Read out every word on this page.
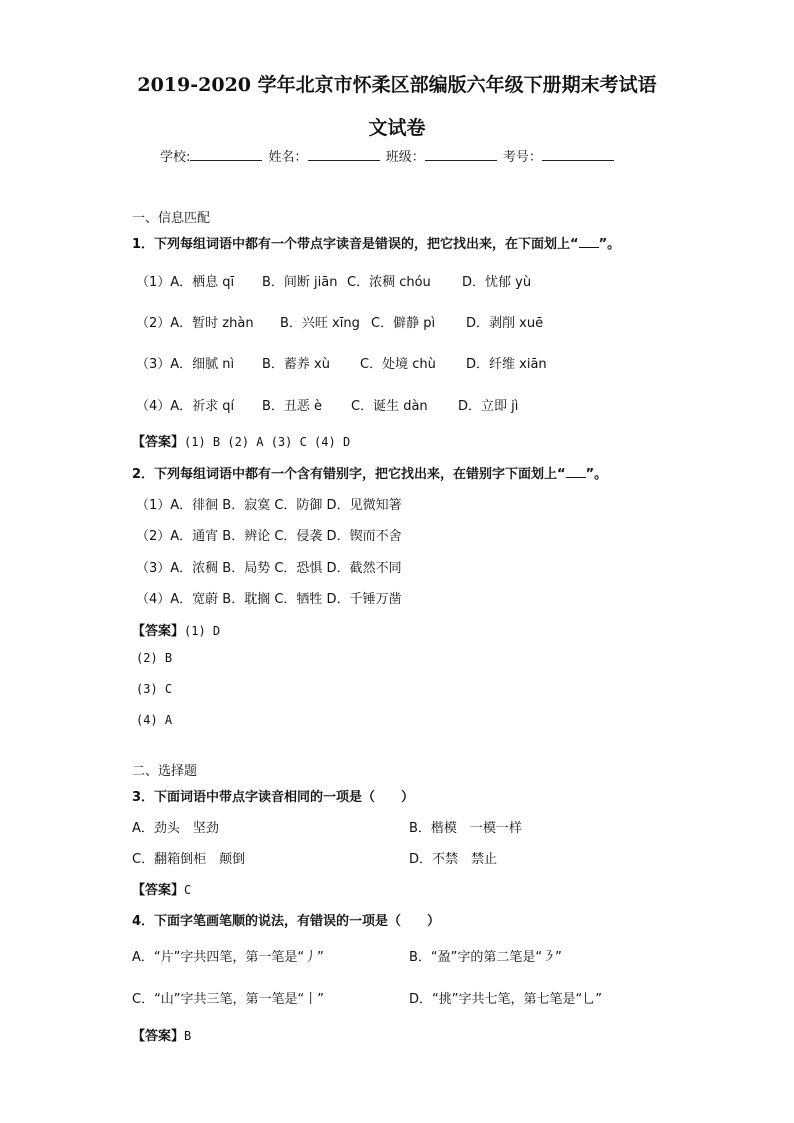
2019-2020 学年北京市怀柔区部编版六年级下册期末考试语
文试卷
学校:	姓名：	班级：	考号：
一、信息匹配
1．下列每组词语中都有一个带点字读音是错误的，把它找出来，在下面划上“ ”。
（1）A．栖息 qī B．间断 jiān C．浓稠 chóu D．忧郁 yù
（2）A．暂时 zhàn B．兴旺 xīng C．僻静 pì D．剥削 xuē
（3）A．细腻 nì B．蓄养 xù C．处境 chù D．纤维 xiān
（4）A．祈求 qí B．丑恶 è C．诞生 dàn D．立即 jì
【答案】(1) B (2) A (3) C (4) D
2．下列每组词语中都有一个含有错别字，把它找出来，在错别字下面划上“ ”。
（1）A．徘徊 B．寂寞 C．防御 D．见微知箸
（2）A．通宵 B．辨论 C．侵袭 D．锲而不舍
（3）A．浓稠 B．局势 C．恐惧 D．截然不同
（4）A．宽蔚 B．耽搁 C．牺牲 D．千锤万凿
【答案】(1) D
(2) B
(3) C
(4) A
二、选择题
3．下面词语中带点字读音相同的一项是（　　）
A．劲头　坚劲	B．楷模　一模一样
C．翻箱倒柜　颠倒	D．不禁　禁止
【答案】C
4．下面字笔画笔顺的说法，有错误的一项是（　　）
A．“片”字共四笔，第一笔是“丿”	B．“盈”字的第二笔是“㇋”
C．“山”字共三笔，第一笔是“丨”	D．“挑”字共七笔，第七笔是“乚”
【答案】B
